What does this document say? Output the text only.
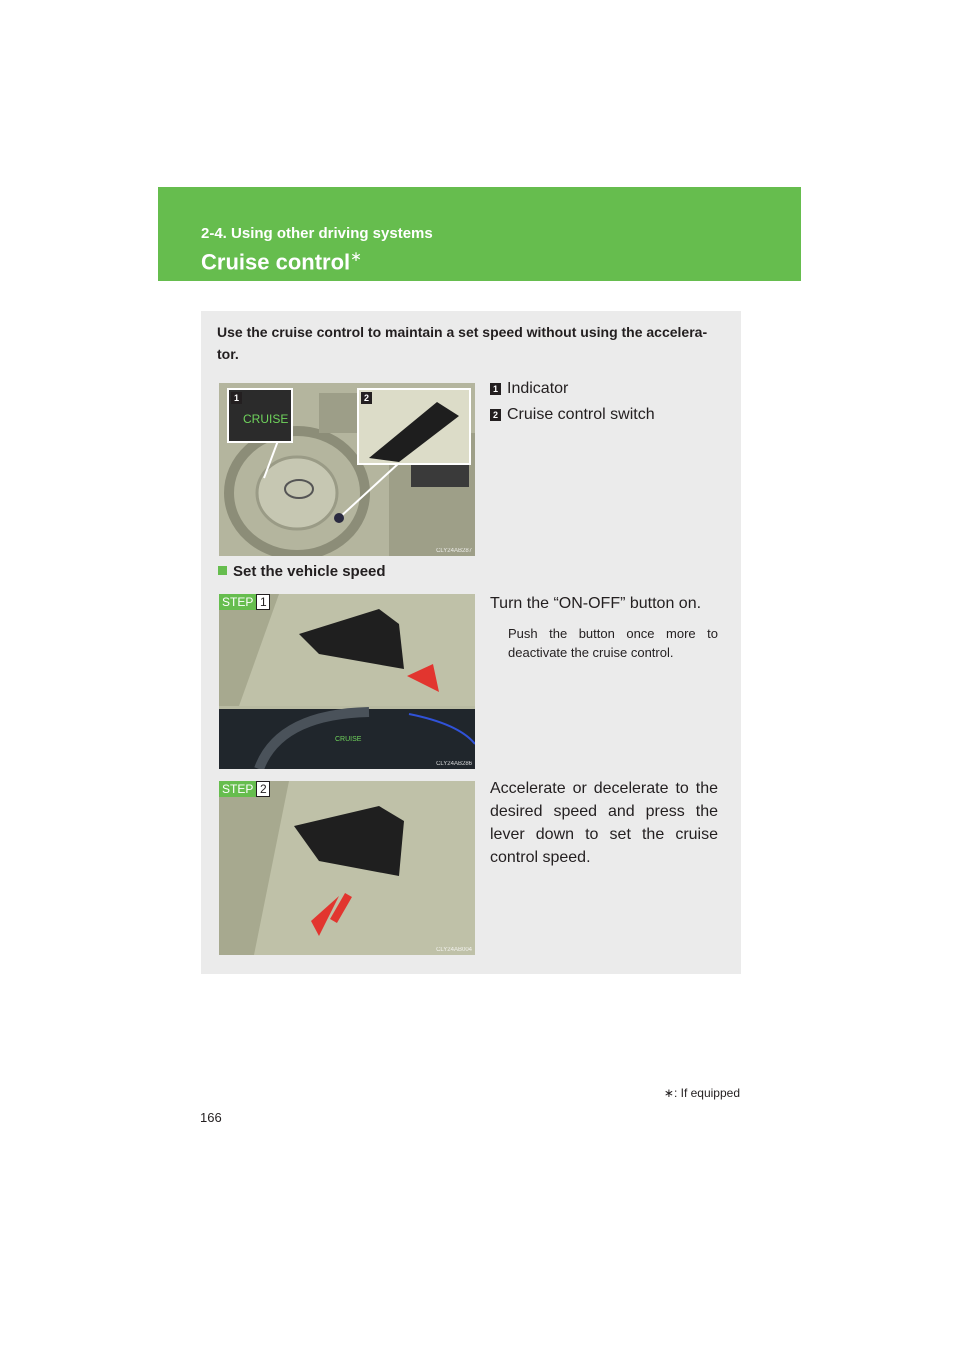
2-4. Using other driving systems
Cruise control∗
Use the cruise control to maintain a set speed without using the accelera-tor.
1
CRUISE
2
CLY24AB287
1 Indicator
2 Cruise control switch
Set the vehicle speed
STEP 1
CRUISE
CLY24AB286
Turn the “ON-OFF” button on.
Push the button once more to deactivate the cruise control.
STEP 2
CLY24AB004
Accelerate or decelerate to the desired speed and press the lever down to set the cruise control speed.
∗: If equipped
166
